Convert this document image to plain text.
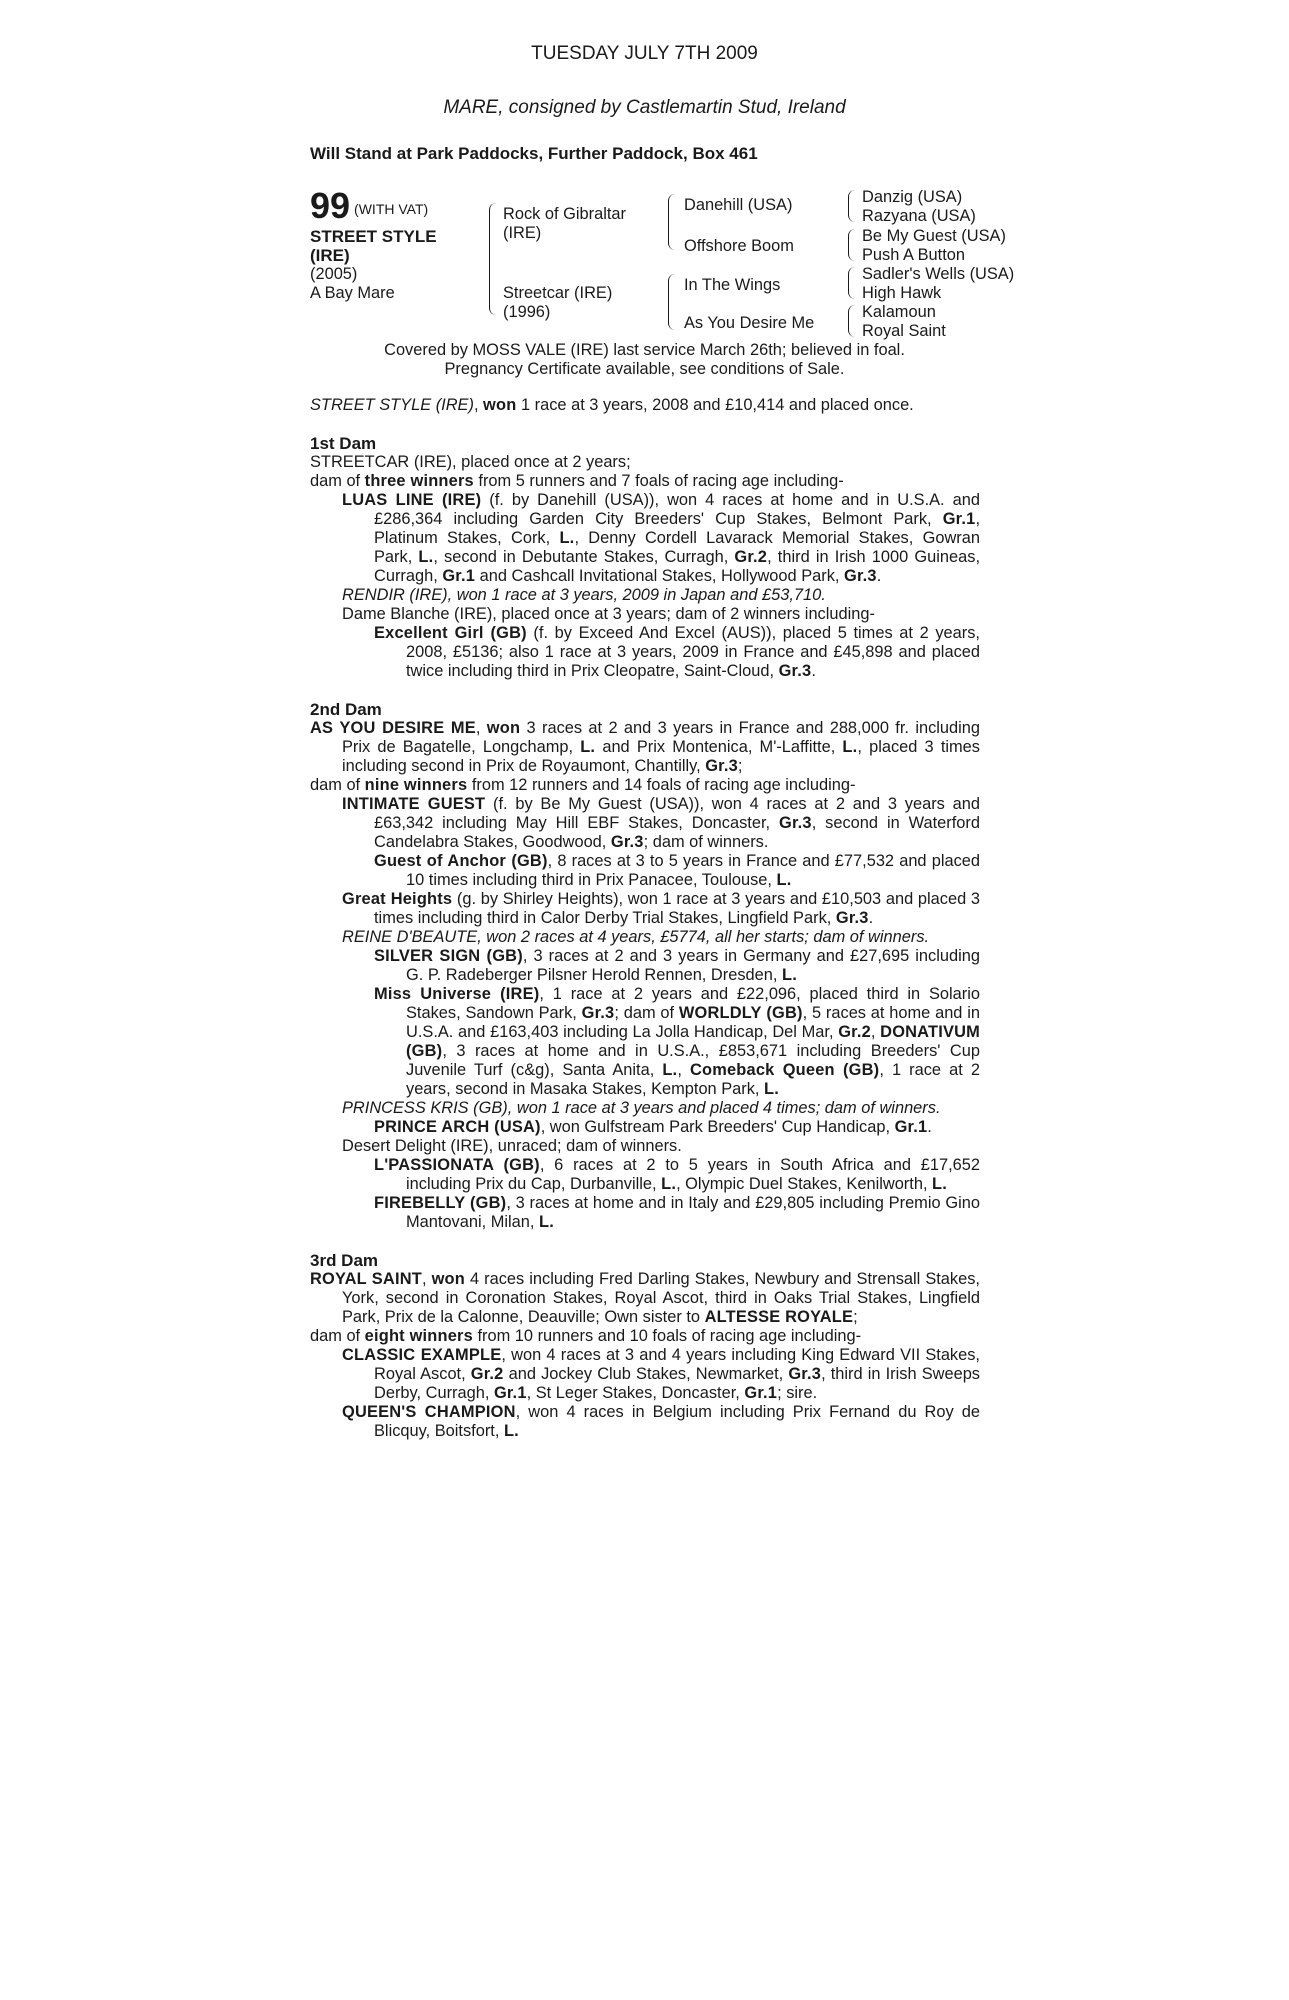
TUESDAY JULY 7TH 2009
MARE, consigned by Castlemartin Stud, Ireland
Will Stand at Park Paddocks, Further Paddock, Box 461
99 (WITH VAT)
STREET STYLE (IRE)
(2005)
A Bay Mare
Rock of Gibraltar
(IRE)
Streetcar (IRE)
(1996)
Danehill (USA)
Offshore Boom
In The Wings
As You Desire Me
Danzig (USA)
Razyana (USA)
Be My Guest (USA)
Push A Button
Sadler's Wells (USA)
High Hawk
Kalamoun
Royal Saint
Covered by MOSS VALE (IRE) last service March 26th; believed in foal.
Pregnancy Certificate available, see conditions of Sale.

STREET STYLE (IRE), won 1 race at 3 years, 2008 and £10,414 and placed once.

1st Dam

STREETCAR (IRE), placed once at 2 years;

dam of three winners from 5 runners and 7 foals of racing age including-

LUAS LINE (IRE) (f. by Danehill (USA)), won 4 races at home and in U.S.A. and £286,364 including Garden City Breeders' Cup Stakes, Belmont Park, Gr.1, Platinum Stakes, Cork, L., Denny Cordell Lavarack Memorial Stakes, Gowran Park, L., second in Debutante Stakes, Curragh, Gr.2, third in Irish 1000 Guineas, Curragh, Gr.1 and Cashcall Invitational Stakes, Hollywood Park, Gr.3.

RENDIR (IRE), won 1 race at 3 years, 2009 in Japan and £53,710.

Dame Blanche (IRE), placed once at 3 years; dam of 2 winners including-

Excellent Girl (GB) (f. by Exceed And Excel (AUS)), placed 5 times at 2 years, 2008, £5136; also 1 race at 3 years, 2009 in France and £45,898 and placed twice including third in Prix Cleopatre, Saint-Cloud, Gr.3.

2nd Dam

AS YOU DESIRE ME, won 3 races at 2 and 3 years in France and 288,000 fr. including Prix de Bagatelle, Longchamp, L. and Prix Montenica, M'-Laffitte, L., placed 3 times including second in Prix de Royaumont, Chantilly, Gr.3;

dam of nine winners from 12 runners and 14 foals of racing age including-

INTIMATE GUEST (f. by Be My Guest (USA)), won 4 races at 2 and 3 years and £63,342 including May Hill EBF Stakes, Doncaster, Gr.3, second in Waterford Candelabra Stakes, Goodwood, Gr.3; dam of winners.

Guest of Anchor (GB), 8 races at 3 to 5 years in France and £77,532 and placed 10 times including third in Prix Panacee, Toulouse, L.

Great Heights (g. by Shirley Heights), won 1 race at 3 years and £10,503 and placed 3 times including third in Calor Derby Trial Stakes, Lingfield Park, Gr.3.

REINE D'BEAUTE, won 2 races at 4 years, £5774, all her starts; dam of winners.

SILVER SIGN (GB), 3 races at 2 and 3 years in Germany and £27,695 including G. P. Radeberger Pilsner Herold Rennen, Dresden, L.

Miss Universe (IRE), 1 race at 2 years and £22,096, placed third in Solario Stakes, Sandown Park, Gr.3; dam of WORLDLY (GB), 5 races at home and in U.S.A. and £163,403 including La Jolla Handicap, Del Mar, Gr.2, DONATIVUM (GB), 3 races at home and in U.S.A., £853,671 including Breeders' Cup Juvenile Turf (c&g), Santa Anita, L., Comeback Queen (GB), 1 race at 2 years, second in Masaka Stakes, Kempton Park, L.

PRINCESS KRIS (GB), won 1 race at 3 years and placed 4 times; dam of winners.

PRINCE ARCH (USA), won Gulfstream Park Breeders' Cup Handicap, Gr.1.

Desert Delight (IRE), unraced; dam of winners.

L'PASSIONATA (GB), 6 races at 2 to 5 years in South Africa and £17,652 including Prix du Cap, Durbanville, L., Olympic Duel Stakes, Kenilworth, L.

FIREBELLY (GB), 3 races at home and in Italy and £29,805 including Premio Gino Mantovani, Milan, L.

3rd Dam

ROYAL SAINT, won 4 races including Fred Darling Stakes, Newbury and Strensall Stakes, York, second in Coronation Stakes, Royal Ascot, third in Oaks Trial Stakes, Lingfield Park, Prix de la Calonne, Deauville; Own sister to ALTESSE ROYALE;

dam of eight winners from 10 runners and 10 foals of racing age including-

CLASSIC EXAMPLE, won 4 races at 3 and 4 years including King Edward VII Stakes, Royal Ascot, Gr.2 and Jockey Club Stakes, Newmarket, Gr.3, third in Irish Sweeps Derby, Curragh, Gr.1, St Leger Stakes, Doncaster, Gr.1; sire.

QUEEN'S CHAMPION, won 4 races in Belgium including Prix Fernand du Roy de Blicquy, Boitsfort, L.
